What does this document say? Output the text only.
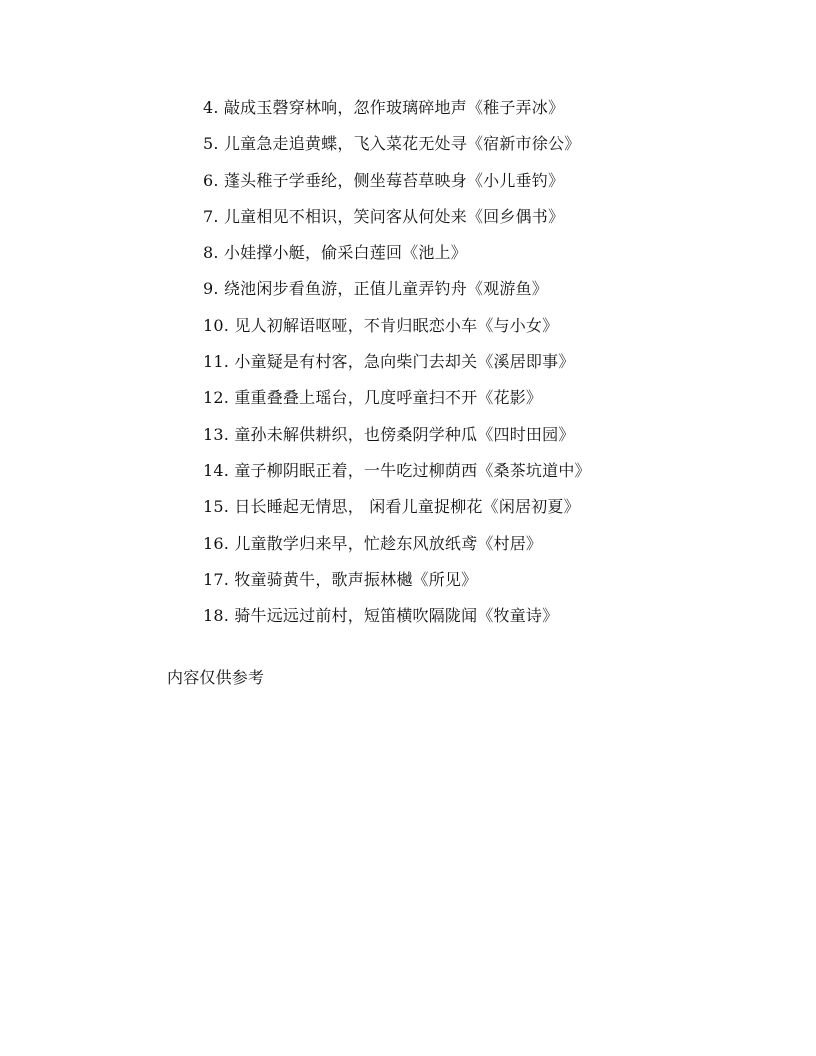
4. 敲成玉磬穿林响，忽作玻璃碎地声《稚子弄冰》
5. 儿童急走追黄蝶，飞入菜花无处寻《宿新市徐公》
6. 蓬头稚子学垂纶，侧坐莓苔草映身《小儿垂钓》
7. 儿童相见不相识，笑问客从何处来《回乡偶书》
8. 小娃撑小艇，偷采白莲回《池上》
9. 绕池闲步看鱼游，正值儿童弄钓舟《观游鱼》
10. 见人初解语呕哑，不肯归眠恋小车《与小女》
11. 小童疑是有村客，急向柴门去却关《溪居即事》
12. 重重叠叠上瑶台，几度呼童扫不开《花影》
13. 童孙未解供耕织，也傍桑阴学种瓜《四时田园》
14. 童子柳阴眠正着，一牛吃过柳荫西《桑茶坑道中》
15. 日长睡起无情思， 闲看儿童捉柳花《闲居初夏》
16. 儿童散学归来早，忙趁东风放纸鸢《村居》
17. 牧童骑黄牛，歌声振林樾《所见》
18. 骑牛远远过前村，短笛横吹隔陇闻《牧童诗》
内容仅供参考
